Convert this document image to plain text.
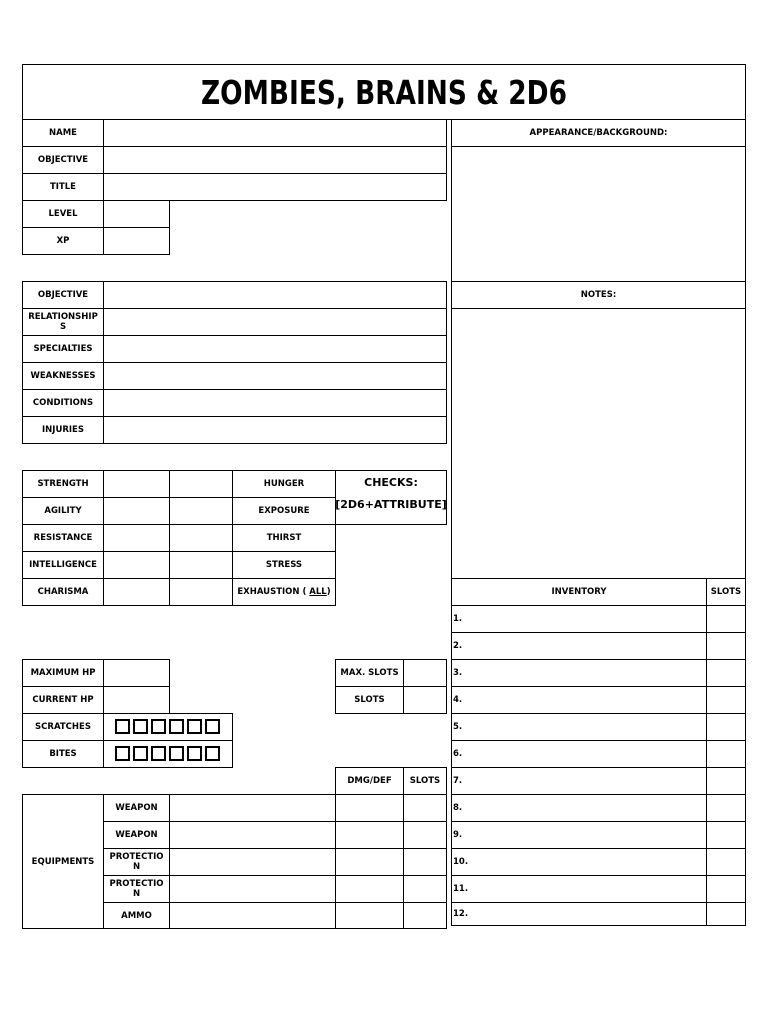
ZOMBIES, BRAINS & 2D6
NAME
OBJECTIVE
TITLE
LEVEL
XP
APPEARANCE/BACKGROUND:
OBJECTIVE
RELATIONSHIP
S
SPECIALTIES
WEAKNESSES
CONDITIONS
INJURIES
NOTES:
STRENGTH
AGILITY
RESISTANCE
INTELLIGENCE
CHARISMA
HUNGER
EXPOSURE
THIRST
STRESS
EXHAUSTION ( ALL )
CHECKS:
[2D6+ATTRIBUTE]
MAXIMUM HP
CURRENT HP
SCRATCHES
BITES
MAX. SLOTS
SLOTS
DMG/DEF	SLOTS
EQUIPMENTS
WEAPON
WEAPON
PROTECTIO
N
PROTECTIO
N
AMMO
INVENTORY	SLOTS
1.
2.
3.
4.
5.
6.
7.
8.
9.
10.
11.
12.
